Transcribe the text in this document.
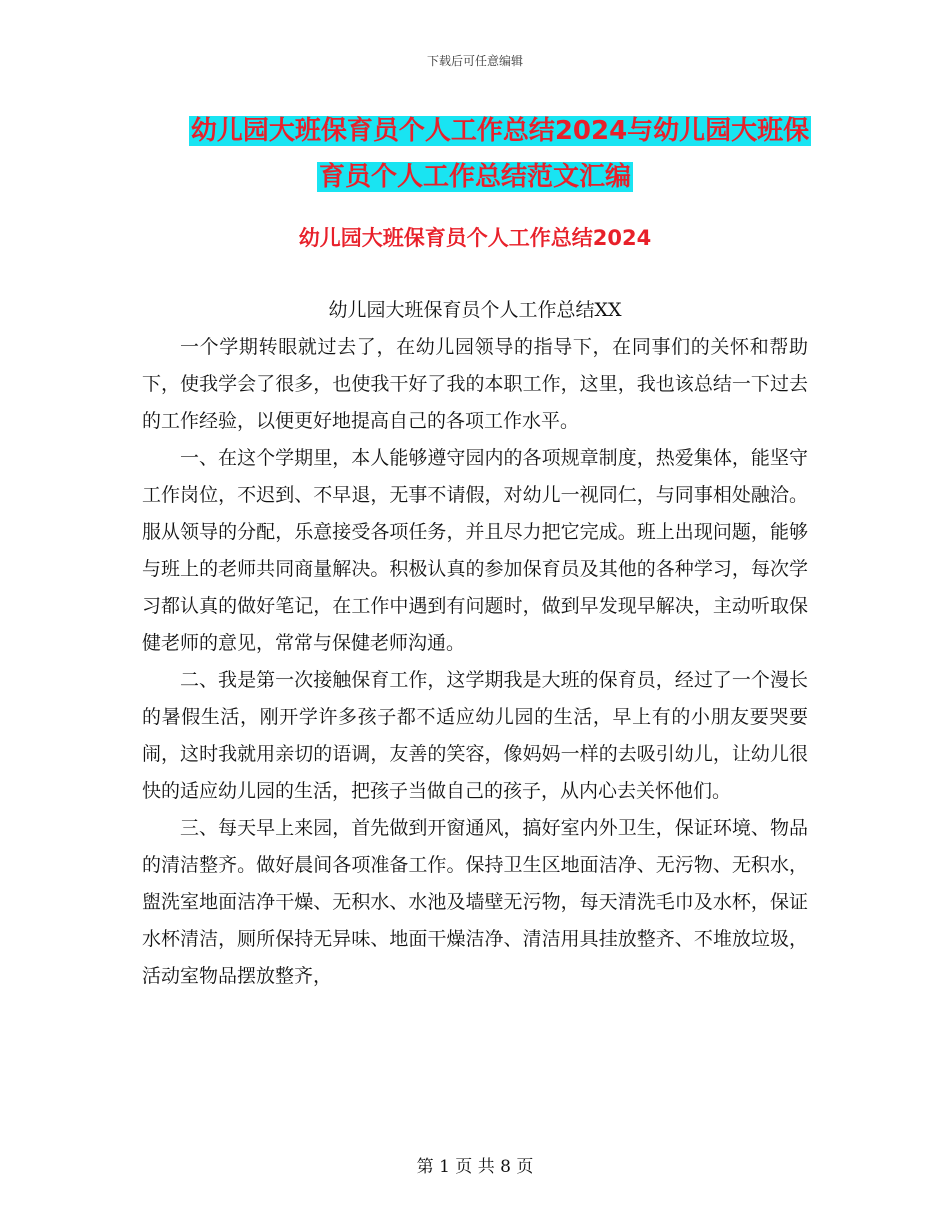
下载后可任意编辑
幼儿园大班保育员个人工作总结2024与幼儿园大班保
育员个人工作总结范文汇编
幼儿园大班保育员个人工作总结2024
幼儿园大班保育员个人工作总结XX

一个学期转眼就过去了，在幼儿园领导的指导下，在同事们的关怀和帮助下，使我学会了很多，也使我干好了我的本职工作，这里，我也该总结一下过去的工作经验，以便更好地提高自己的各项工作水平。

一、在这个学期里，本人能够遵守园内的各项规章制度，热爱集体，能坚守工作岗位，不迟到、不早退，无事不请假，对幼儿一视同仁，与同事相处融洽。服从领导的分配，乐意接受各项任务，并且尽力把它完成。班上出现问题，能够与班上的老师共同商量解决。积极认真的参加保育员及其他的各种学习，每次学习都认真的做好笔记，在工作中遇到有问题时，做到早发现早解决，主动听取保健老师的意见，常常与保健老师沟通。

二、我是第一次接触保育工作，这学期我是大班的保育员，经过了一个漫长的暑假生活，刚开学许多孩子都不适应幼儿园的生活，早上有的小朋友要哭要闹，这时我就用亲切的语调，友善的笑容，像妈妈一样的去吸引幼儿，让幼儿很快的适应幼儿园的生活，把孩子当做自己的孩子，从内心去关怀他们。

三、每天早上来园，首先做到开窗通风，搞好室内外卫生，保证环境、物品的清洁整齐。做好晨间各项准备工作。保持卫生区地面洁净、无污物、无积水，盥洗室地面洁净干燥、无积水、水池及墙壁无污物，每天清洗毛巾及水杯，保证水杯清洁，厕所保持无异味、地面干燥洁净、清洁用具挂放整齐、不堆放垃圾，活动室物品摆放整齐，

第 1 页 共 8 页
